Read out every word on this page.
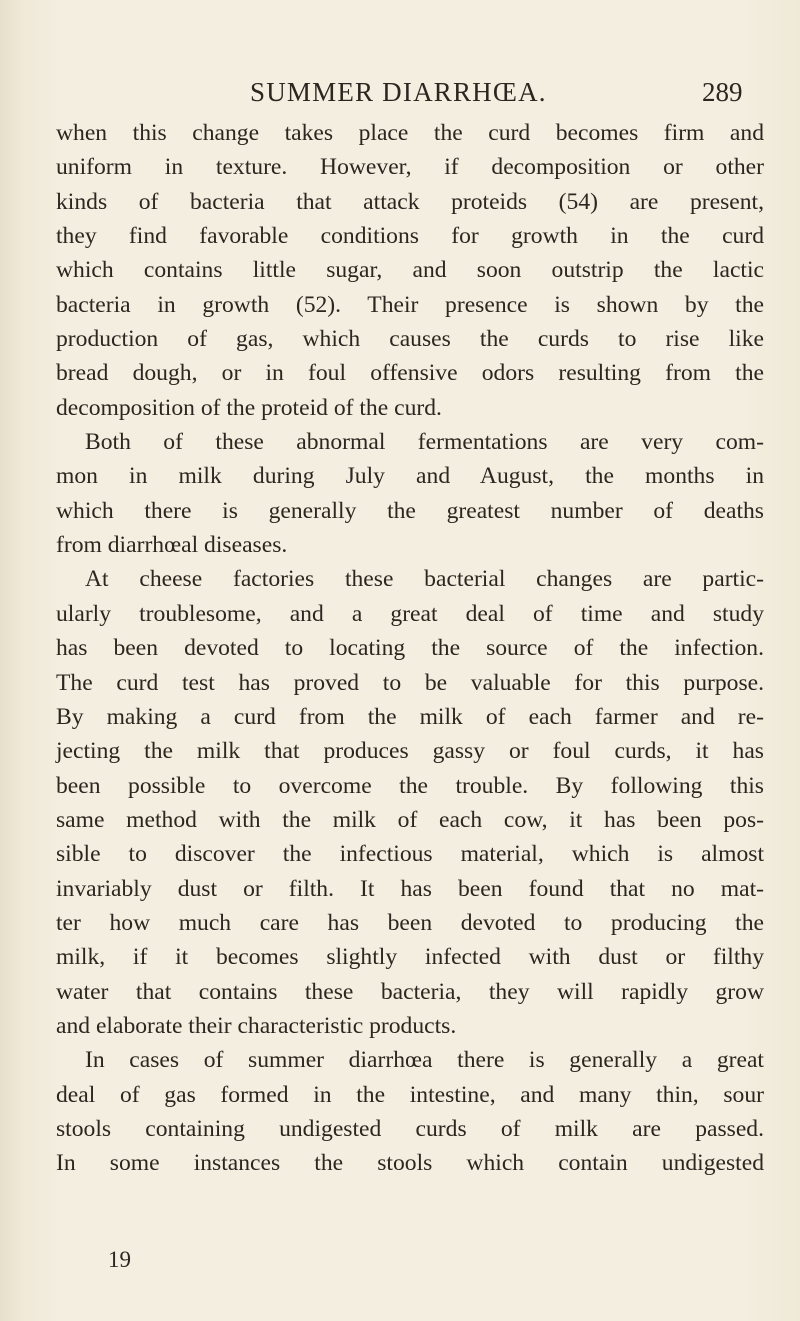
SUMMER DIARRHŒA.	289
when this change takes place the curd becomes firm and
uniform in texture. However, if decomposition or other
kinds of bacteria that attack proteids (54) are present,
they find favorable conditions for growth in the curd
which contains little sugar, and soon outstrip the lactic
bacteria in growth (52). Their presence is shown by the
production of gas, which causes the curds to rise like
bread dough, or in foul offensive odors resulting from the
decomposition of the proteid of the curd.
Both of these abnormal fermentations are very com-
mon in milk during July and August, the months in
which there is generally the greatest number of deaths
from diarrhœal diseases.
At cheese factories these bacterial changes are partic-
ularly troublesome, and a great deal of time and study
has been devoted to locating the source of the infection.
The curd test has proved to be valuable for this purpose.
By making a curd from the milk of each farmer and re-
jecting the milk that produces gassy or foul curds, it has
been possible to overcome the trouble. By following this
same method with the milk of each cow, it has been pos-
sible to discover the infectious material, which is almost
invariably dust or filth. It has been found that no mat-
ter how much care has been devoted to producing the
milk, if it becomes slightly infected with dust or filthy
water that contains these bacteria, they will rapidly grow
and elaborate their characteristic products.
In cases of summer diarrhœa there is generally a great
deal of gas formed in the intestine, and many thin, sour
stools containing undigested curds of milk are passed.
In some instances the stools which contain undigested
19
